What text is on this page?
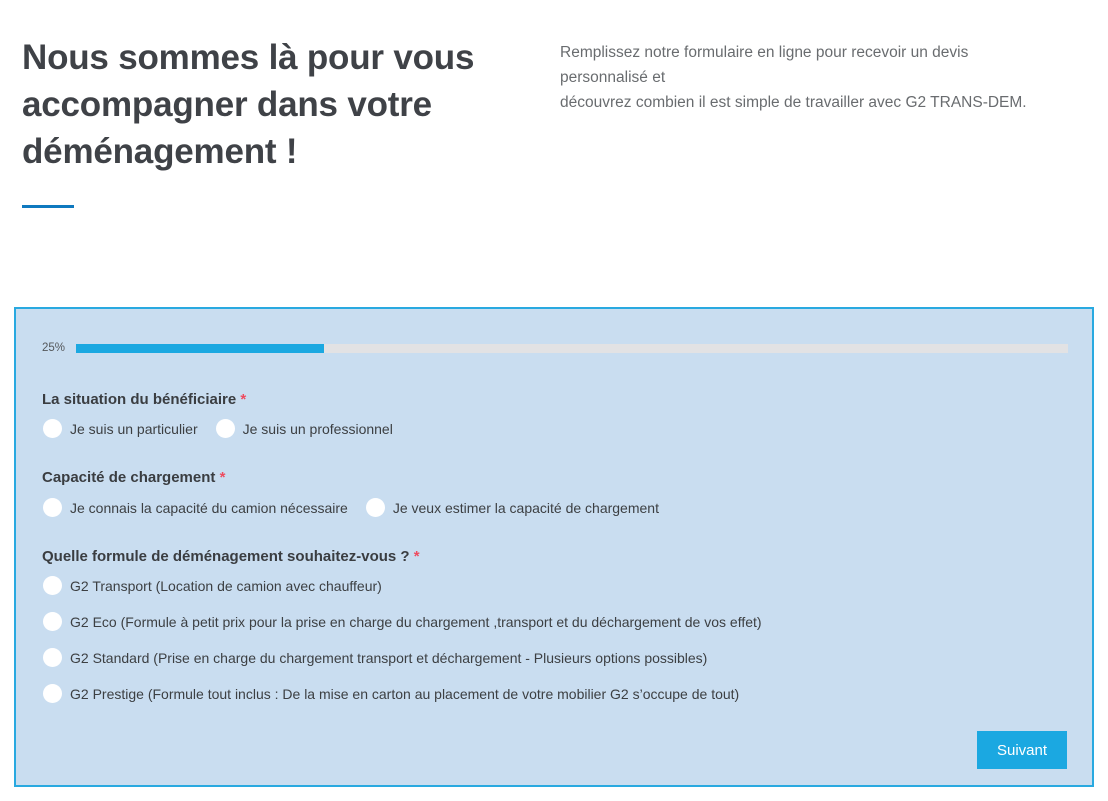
Nous sommes là pour vous
accompagner dans votre
déménagement !

Remplissez notre formulaire en ligne pour recevoir un devis personnalisé et
découvrez combien il est simple de travailler avec G2 TRANS-DEM.

25%
La situation du bénéficiaire *
Je suis un particulier	Je suis un professionnel
Capacité de chargement *
Je connais la capacité du camion nécessaire	Je veux estimer la capacité de chargement
Quelle formule de déménagement souhaitez-vous ? *
G2 Transport (Location de camion avec chauffeur)
G2 Eco (Formule à petit prix pour la prise en charge du chargement ,transport et du déchargement de vos effet)
G2 Standard (Prise en charge du chargement transport et déchargement - Plusieurs options possibles)
G2 Prestige (Formule tout inclus : De la mise en carton au placement de votre mobilier G2 s’occupe de tout)
Suivant
